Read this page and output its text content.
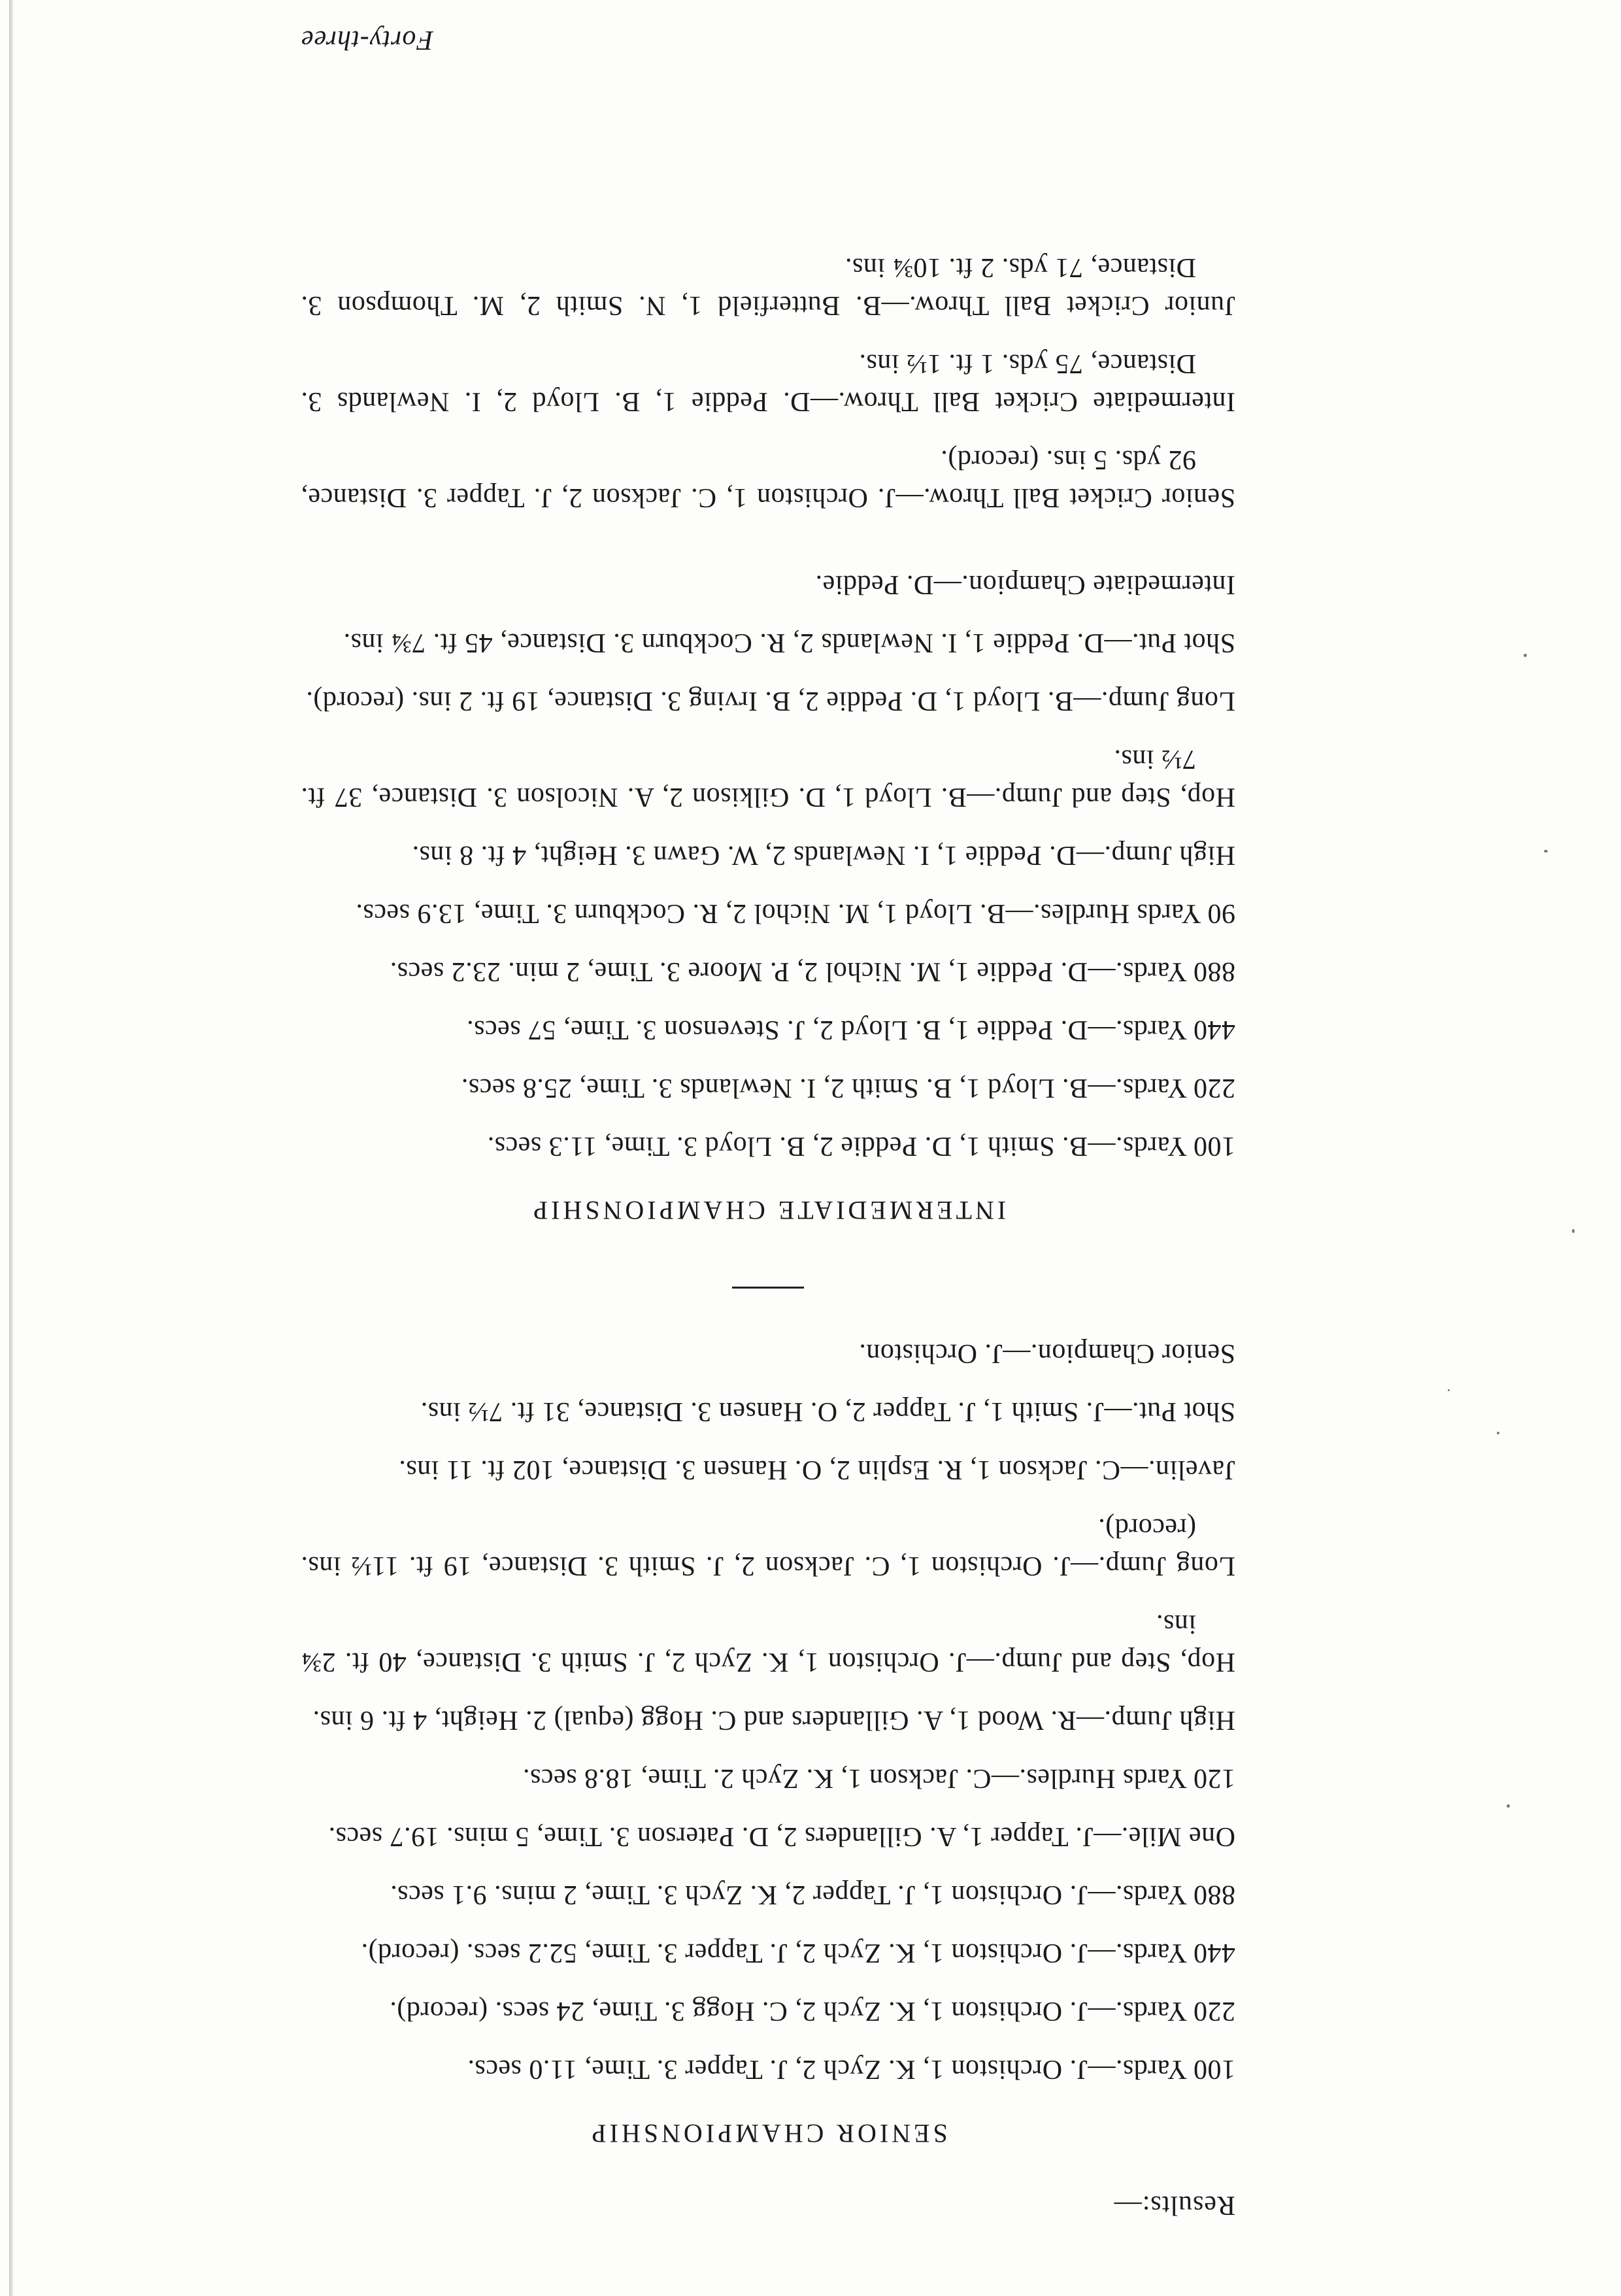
Results:—

SENIOR CHAMPIONSHIP

100 Yards.—J. Orchiston 1, K. Zych 2, J. Tapper 3. Time, 11.0 secs.

220 Yards.—J. Orchiston 1, K. Zych 2, C. Hogg 3. Time, 24 secs. (record).

440 Yards.—J. Orchiston 1, K. Zych 2, J. Tapper 3. Time, 52.2 secs. (record).

880 Yards.—J. Orchiston 1, J. Tapper 2, K. Zych 3. Time, 2 mins. 9.1 secs.

One Mile.—J. Tapper 1, A. Gillanders 2, D. Paterson 3. Time, 5 mins. 19.7 secs.

120 Yards Hurdles.—C. Jackson 1, K. Zych 2. Time, 18.8 secs.

High Jump.—R. Wood 1, A. Gillanders and C. Hogg (equal) 2. Height, 4 ft. 6 ins.

Hop, Step and Jump.—J. Orchiston 1, K. Zych 2, J. Smith 3. Distance, 40 ft. 2¾ ins.

Long Jump.—J. Orchiston 1, C. Jackson 2, J. Smith 3. Distance, 19 ft. 11½ ins. (record).

Javelin.—C. Jackson 1, R. Esplin 2, O. Hansen 3. Distance, 102 ft. 11 ins.

Shot Put.—J. Smith 1, J. Tapper 2, O. Hansen 3. Distance, 31 ft. 7½ ins.

Senior Champion.—J. Orchiston.

INTERMEDIATE CHAMPIONSHIP

100 Yards.—B. Smith 1, D. Peddie 2, B. Lloyd 3. Time, 11.3 secs.

220 Yards.—B. Lloyd 1, B. Smith 2, I. Newlands 3. Time, 25.8 secs.

440 Yards.—D. Peddie 1, B. Lloyd 2, J. Stevenson 3. Time, 57 secs.

880 Yards.—D. Peddie 1, M. Nichol 2, P. Moore 3. Time, 2 min. 23.2 secs.

90 Yards Hurdles.—B. Lloyd 1, M. Nichol 2, R. Cockburn 3. Time, 13.9 secs.

High Jump.—D. Peddie 1, I. Newlands 2, W. Gawn 3. Height, 4 ft. 8 ins.

Hop, Step and Jump.—B. Lloyd 1, D. Gilkison 2, A. Nicolson 3. Distance, 37 ft. 7½ ins.

Long Jump.—B. Lloyd 1, D. Peddie 2, B. Irving 3. Distance, 19 ft. 2 ins. (record).

Shot Put.—D. Peddie 1, I. Newlands 2, R. Cockburn 3. Distance, 45 ft. 7¾ ins.

Intermediate Champion.—D. Peddie.

Senior Cricket Ball Throw.—J. Orchiston 1, C. Jackson 2, J. Tapper 3. Distance, 92 yds. 5 ins. (record).

Intermediate Cricket Ball Throw.—D. Peddie 1, B. Lloyd 2, I. Newlands 3. Distance, 75 yds. 1 ft. 1½ ins.

Junior Cricket Ball Throw.—B. Butterfield 1, N. Smith 2, M. Thompson 3. Distance, 71 yds. 2 ft. 10¾ ins.

Forty-three
